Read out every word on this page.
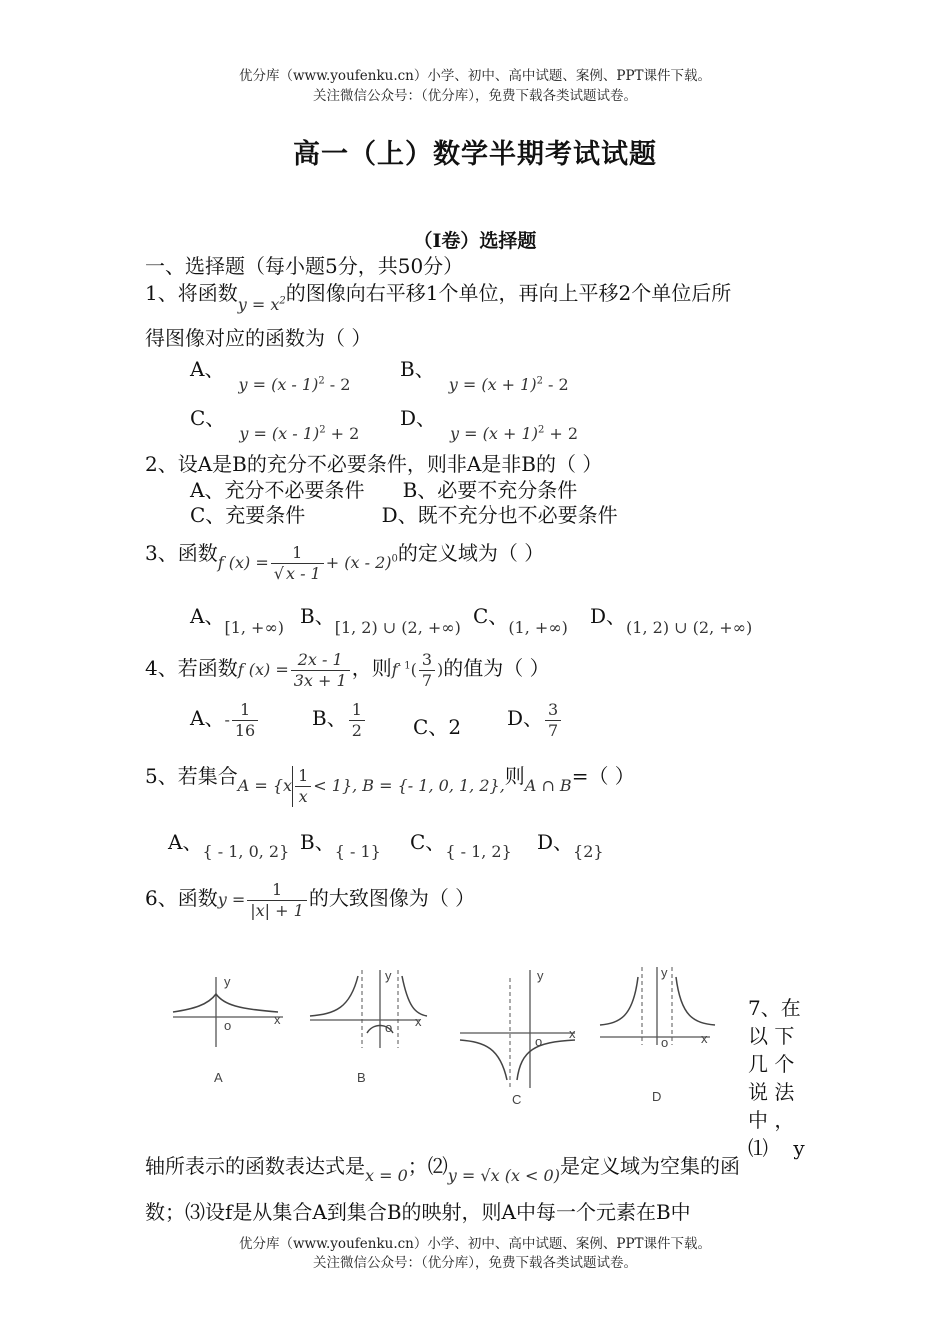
优分库（www.youfenku.cn）小学、初中、高中试题、案例、PPT课件下载。
关注微信公众号：（优分库），免费下载各类试题试卷。
高一（上）数学半期考试试题
（I卷）选择题
一、选择题（每小题5分，共50分）
1、将函数$_{y = x^2}$的图像向右平移1个单位，再向上平移2个单位后所
得图像对应的函数为（ ）
A、$_{y = (x - 1)^2 - 2}$
B、$_{y = (x + 1)^2 - 2}$
C、$_{y = (x - 1)^2 + 2}$
D、$_{y = (x + 1)^2 + 2}$
2、设A是B的充分不必要条件，则非A是非B的（ ）
A、充分不必要条件      B、必要不充分条件
C、充要条件            D、既不充分也不必要条件
3、函数$_{f (x) = \frac{1}{√ x - 1} + (x - 2)^0}$的定义域为（ ）
A、$_{[1, +\infty)}$ B、$_{[1, 2) \cup (2, +\infty)}$ C、$_{(1, +\infty)}$ D、$_{(1, 2) \cup (2, +\infty)}$
4、若函数f $(x) = \frac{2x - 1}{3x + 1}$ ，则$f^{- 1}( \frac{3}{7}$ )的值为（ ）
A、- $\frac{1}{16}$	B、 $\frac{1}{2}$ C、2 D、 $\frac{3}{7}$
5、若集合$_{A = \{x \frac{1}{x} < 1\}, B = \{- 1, 0, 1, 2\},}$则$_{A \cap B}$=（ ）
A、$_{\{ - 1, 0, 2\}}$ B、$_{\{ - 1\}}$ C、$_{\{ - 1, 2\}}$ D、$_{\{2\}}$
6、函数$y = \frac{1}{|x| + 1}$ 的大致图像为（ ）
y
x
o
A
y
x
o
B
y
x
o
C
y
x
o
D
7、在
以 下
几 个
说 法
中 ，
⑴    y
轴所表示的函数表达式是$_{x = 0}$；$⑵_{y = √x (x < 0)}$是定义域为空集的函
数；⑶设f是从集合A到集合B的映射，则A中每一个元素在B中
优分库（www.youfenku.cn）小学、初中、高中试题、案例、PPT课件下载。
关注微信公众号：（优分库），免费下载各类试题试卷。
